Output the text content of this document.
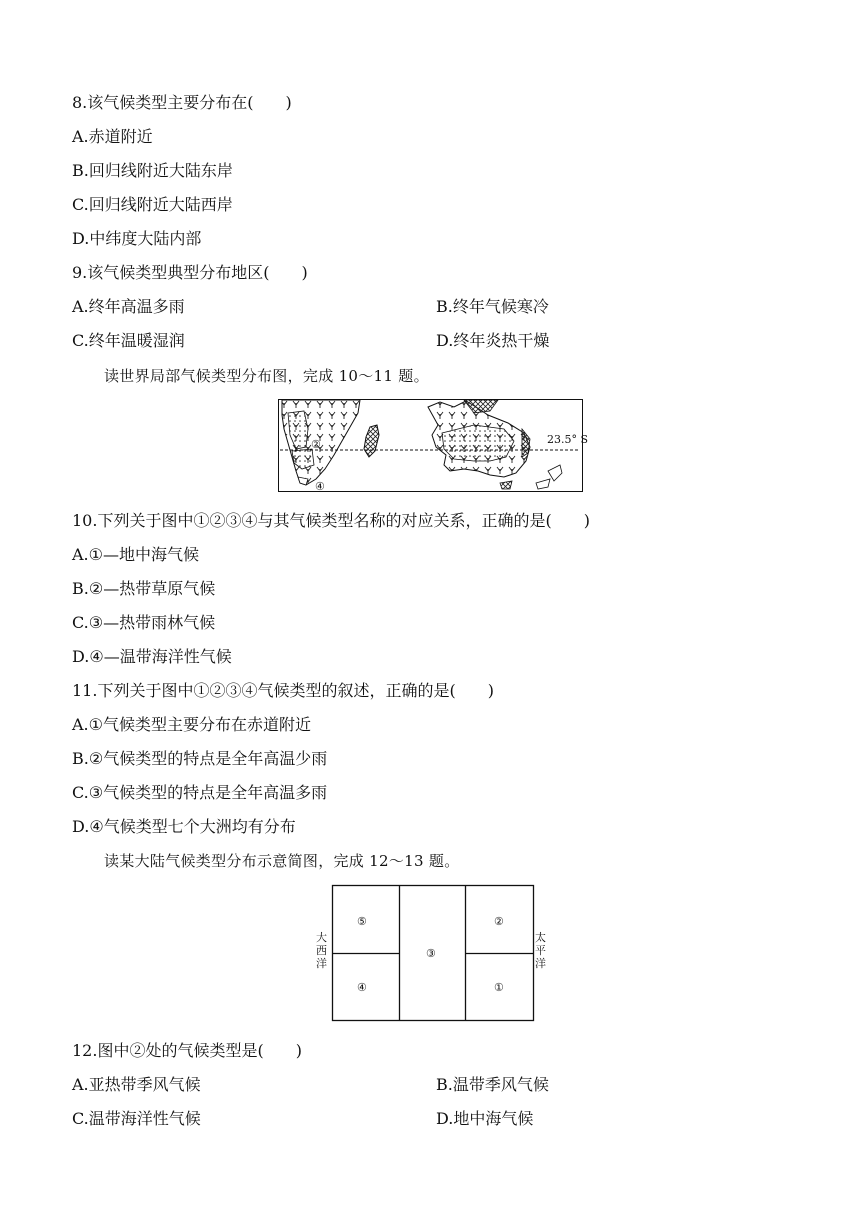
8.该气候类型主要分布在(　　)
A.赤道附近
B.回归线附近大陆东岸
C.回归线附近大陆西岸
D.中纬度大陆内部
9.该气候类型典型分布地区(　　)
A.终年高温多雨	B.终年气候寒冷
C.终年温暖湿润	D.终年炎热干燥
读世界局部气候类型分布图，完成 10～11 题。
23.5° S
②
④
10.下列关于图中①②③④与其气候类型名称的对应关系，正确的是(　　)
A.①—地中海气候
B.②—热带草原气候
C.③—热带雨林气候
D.④—温带海洋性气候
11.下列关于图中①②③④气候类型的叙述，正确的是(　　)
A.①气候类型主要分布在赤道附近
B.②气候类型的特点是全年高温少雨
C.③气候类型的特点是全年高温多雨
D.④气候类型七个大洲均有分布
读某大陆气候类型分布示意简图，完成 12～13 题。
⑤
④
③
②
①
大
西
洋
太
平
洋
12.图中②处的气候类型是(　　)
A.亚热带季风气候	B.温带季风气候
C.温带海洋性气候	D.地中海气候
